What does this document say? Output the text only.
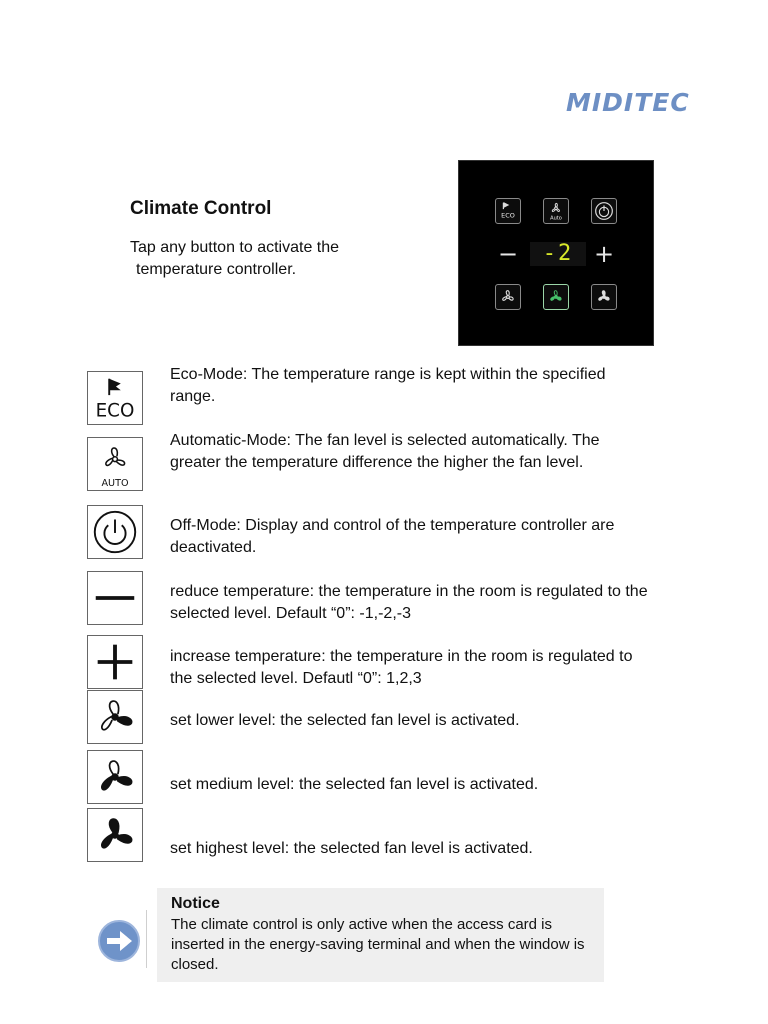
MIDITEC
Climate Control
Tap any button to activate the
temperature controller.
ECO	Auto
−	-2 +
ECO
Eco-Mode: The temperature range is kept within the specified range.
AUTO
Automatic-Mode: The fan level is selected automatically. The greater the temperature difference the higher the fan level.
Off-Mode: Display and control of the temperature controller are deactivated.
reduce temperature: the temperature in the room is regulated to the selected level. Default “0”: -1,-2,-3
increase temperature: the temperature in the room is regulated to the selected level. Defautl “0”: 1,2,3
set lower level: the selected fan level is activated.
set medium level: the selected fan level is activated.
set highest level: the selected fan level is activated.
Notice
The climate control is only active when the access card is inserted in the energy-saving terminal and when the window is closed.
